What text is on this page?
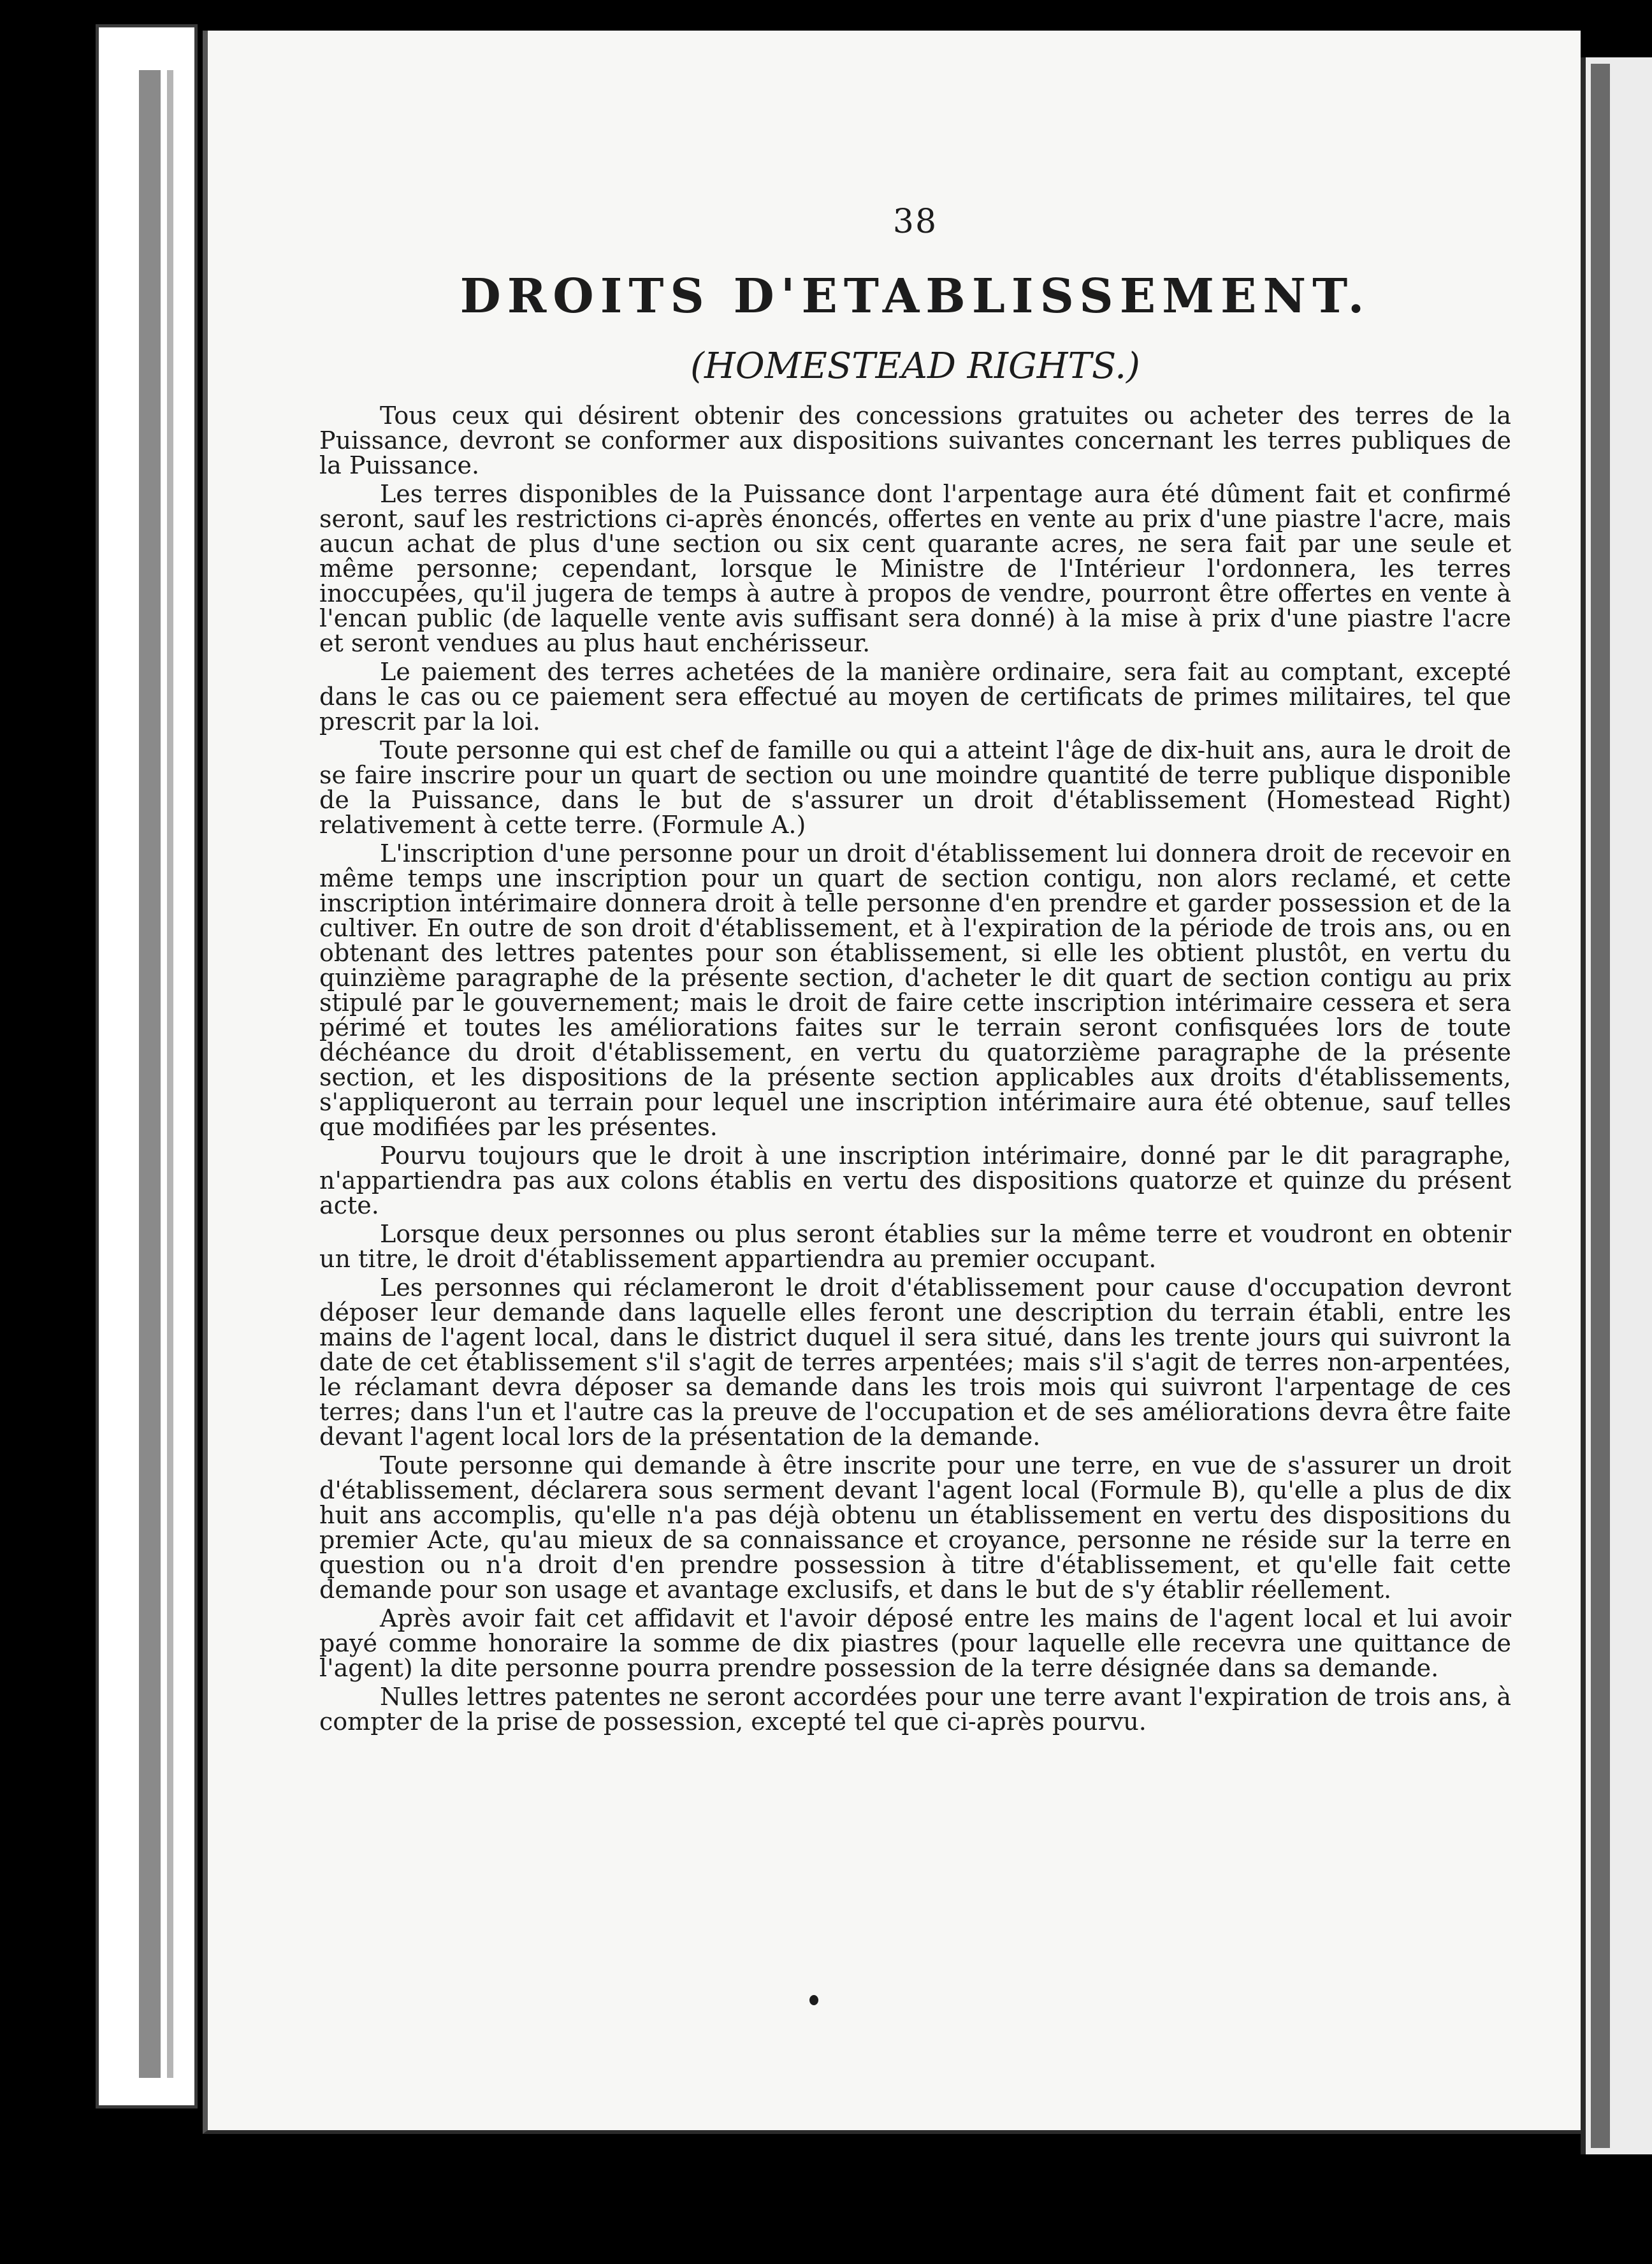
38
DROITS D'ETABLISSEMENT.
(HOMESTEAD RIGHTS.)

Tous ceux qui désirent obtenir des concessions gratuites ou acheter des terres de la Puissance, devront se conformer aux dispositions suivantes concernant les terres publiques de la Puissance.

Les terres disponibles de la Puissance dont l'arpentage aura été dûment fait et confirmé seront, sauf les restrictions ci-après énoncés, offertes en vente au prix d'une piastre l'acre, mais aucun achat de plus d'une section ou six cent quarante acres, ne sera fait par une seule et même personne; cependant, lorsque le Ministre de l'Intérieur l'ordonnera, les terres inoccupées, qu'il jugera de temps à autre à propos de vendre, pourront être offertes en vente à l'encan public (de laquelle vente avis suffisant sera donné) à la mise à prix d'une piastre l'acre et seront vendues au plus haut enchérisseur.

Le paiement des terres achetées de la manière ordinaire, sera fait au comptant, excepté dans le cas ou ce paiement sera effectué au moyen de certificats de primes militaires, tel que prescrit par la loi.

Toute personne qui est chef de famille ou qui a atteint l'âge de dix-huit ans, aura le droit de se faire inscrire pour un quart de section ou une moindre quantité de terre publique disponible de la Puissance, dans le but de s'assurer un droit d'établissement (Homestead Right) relativement à cette terre. (Formule A.)

L'inscription d'une personne pour un droit d'établissement lui donnera droit de recevoir en même temps une inscription pour un quart de section contigu, non alors reclamé, et cette inscription intérimaire donnera droit à telle personne d'en prendre et garder possession et de la cultiver. En outre de son droit d'établissement, et à l'expiration de la période de trois ans, ou en obtenant des lettres patentes pour son établissement, si elle les obtient plustôt, en vertu du quinzième paragraphe de la présente section, d'acheter le dit quart de section contigu au prix stipulé par le gouvernement; mais le droit de faire cette inscription intérimaire cessera et sera périmé et toutes les améliorations faites sur le terrain seront confisquées lors de toute déchéance du droit d'établissement, en vertu du quatorzième paragraphe de la présente section, et les dispositions de la présente section applicables aux droits d'établissements, s'appliqueront au terrain pour lequel une inscription intérimaire aura été obtenue, sauf telles que modifiées par les présentes.

Pourvu toujours que le droit à une inscription intérimaire, donné par le dit paragraphe, n'appartiendra pas aux colons établis en vertu des dispositions quatorze et quinze du présent acte.

Lorsque deux personnes ou plus seront établies sur la même terre et voudront en obtenir un titre, le droit d'établissement appartiendra au premier occupant.

Les personnes qui réclameront le droit d'établissement pour cause d'occupation devront déposer leur demande dans laquelle elles feront une description du terrain établi, entre les mains de l'agent local, dans le district duquel il sera situé, dans les trente jours qui suivront la date de cet établissement s'il s'agit de terres arpentées; mais s'il s'agit de terres non-arpentées, le réclamant devra déposer sa demande dans les trois mois qui suivront l'arpentage de ces terres; dans l'un et l'autre cas la preuve de l'occupation et de ses améliorations devra être faite devant l'agent local lors de la présentation de la demande.

Toute personne qui demande à être inscrite pour une terre, en vue de s'assurer un droit d'établissement, déclarera sous serment devant l'agent local (Formule B), qu'elle a plus de dix huit ans accomplis, qu'elle n'a pas déjà obtenu un établissement en vertu des dispositions du premier Acte, qu'au mieux de sa connaissance et croyance, personne ne réside sur la terre en question ou n'a droit d'en prendre possession à titre d'établissement, et qu'elle fait cette demande pour son usage et avantage exclusifs, et dans le but de s'y établir réellement.

Après avoir fait cet affidavit et l'avoir déposé entre les mains de l'agent local et lui avoir payé comme honoraire la somme de dix piastres (pour laquelle elle recevra une quittance de l'agent) la dite personne pourra prendre possession de la terre désignée dans sa demande.

Nulles lettres patentes ne seront accordées pour une terre avant l'expiration de trois ans, à compter de la prise de possession, excepté tel que ci-après pourvu.
